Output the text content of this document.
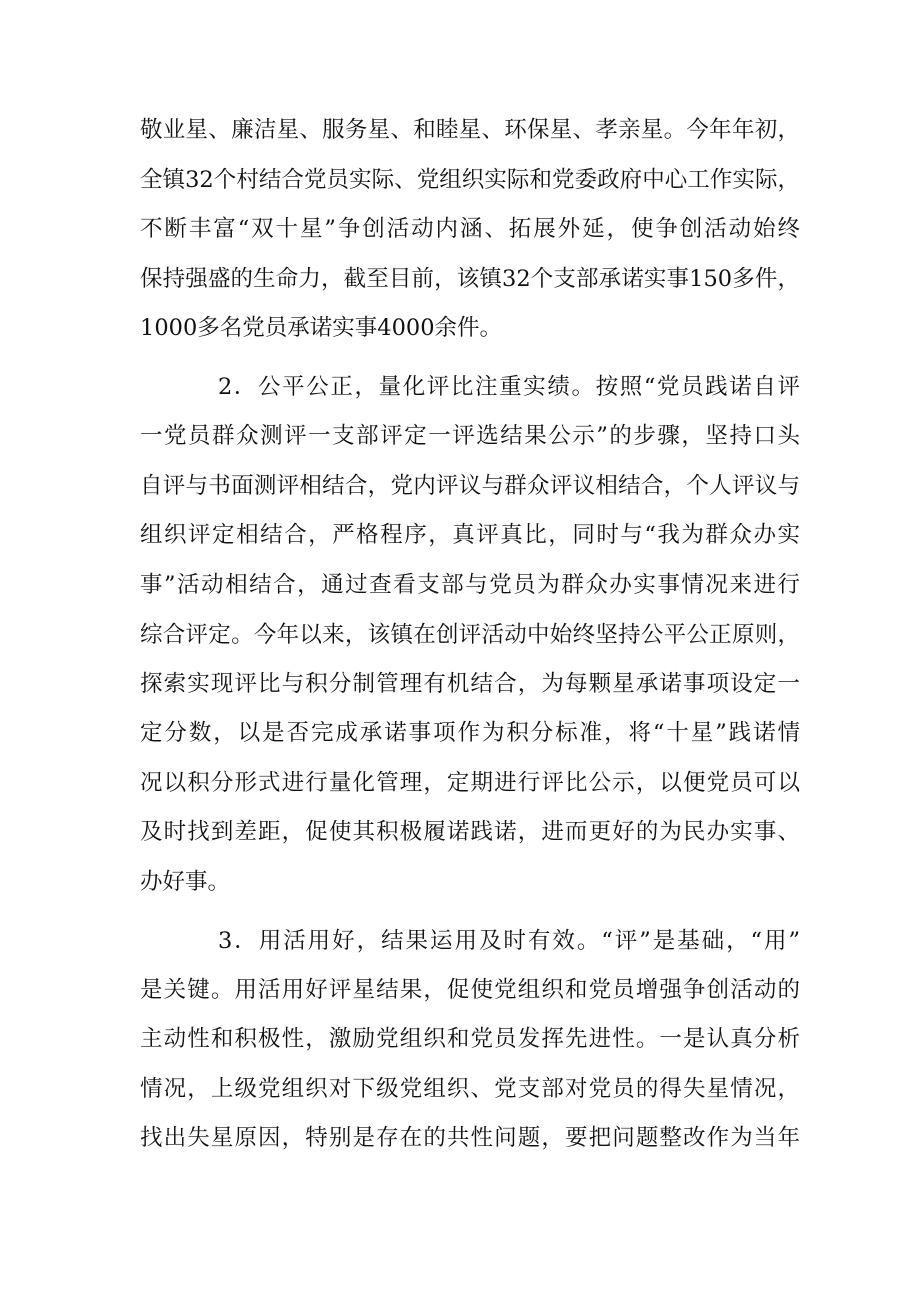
敬业星、廉洁星、服务星、和睦星、环保星、孝亲星。今年年初，
全镇32个村结合党员实际、党组织实际和党委政府中心工作实际，
不断丰富“双十星”争创活动内涵、拓展外延，使争创活动始终
保持强盛的生命力，截至目前，该镇32个支部承诺实事150多件，
1000多名党员承诺实事4000余件。
2．公平公正，量化评比注重实绩。按照“党员践诺自评
一党员群众测评一支部评定一评选结果公示”的步骤，坚持口头
自评与书面测评相结合，党内评议与群众评议相结合，个人评议与
组织评定相结合，严格程序，真评真比，同时与“我为群众办实
事”活动相结合，通过查看支部与党员为群众办实事情况来进行
综合评定。今年以来，该镇在创评活动中始终坚持公平公正原则，
探索实现评比与积分制管理有机结合，为每颗星承诺事项设定一
定分数，以是否完成承诺事项作为积分标准，将“十星”践诺情
况以积分形式进行量化管理，定期进行评比公示，以便党员可以
及时找到差距，促使其积极履诺践诺，进而更好的为民办实事、
办好事。
3．用活用好，结果运用及时有效。“评”是基础，“用”
是关键。用活用好评星结果，促使党组织和党员增强争创活动的
主动性和积极性，激励党组织和党员发挥先进性。一是认真分析
情况，上级党组织对下级党组织、党支部对党员的得失星情况，
找出失星原因，特别是存在的共性问题，要把问题整改作为当年
